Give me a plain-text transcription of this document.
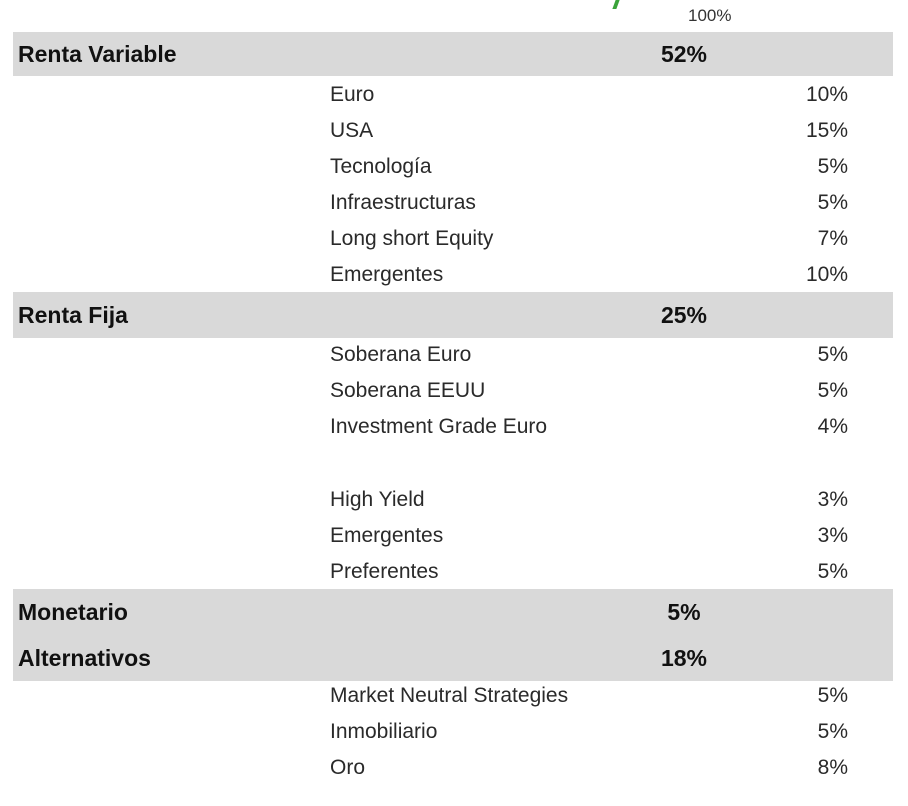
100%
Renta Variable	52%
Euro	10%
USA	15%
Tecnología	5%
Infraestructuras	5%
Long short Equity	7%
Emergentes	10%
Renta Fija	25%
Soberana Euro	5%
Soberana EEUU	5%
Investment Grade Euro	4%
High Yield	3%
Emergentes	3%
Preferentes	5%
Monetario	5%
Alternativos	18%
Market Neutral Strategies	5%
Inmobiliario	5%
Oro	8%
